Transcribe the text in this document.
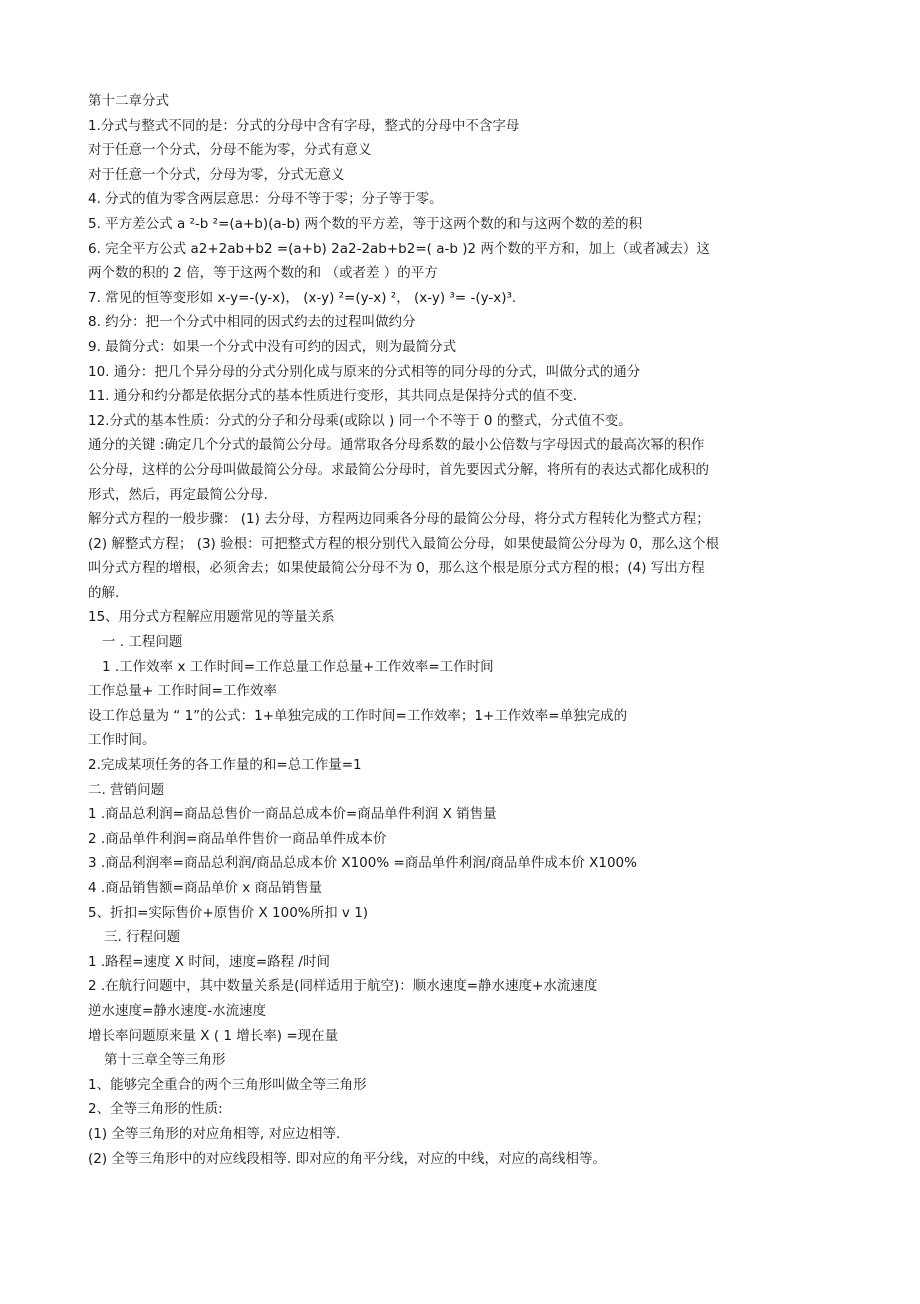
第十二章分式
1.分式与整式不同的是：分式的分母中含有字母，整式的分母中不含字母
对于任意一个分式，分母不能为零，分式有意义
对于任意一个分式，分母为零，分式无意义
4. 分式的值为零含两层意思：分母不等于零；分子等于零。
5. 平方差公式 a ²-b ²=(a+b)(a-b) 两个数的平方差，等于这两个数的和与这两个数的差的积
6. 完全平方公式 a2+2ab+b2 =(a+b) 2a2-2ab+b2=( a-b )2 两个数的平方和，加上（或者减去）这
两个数的积的 2 倍，等于这两个数的和 （或者差 ）的平方
7. 常见的恒等变形如 x-y=-(y-x)， (x-y) ²=(y-x) ²， (x-y) ³= -(y-x)³.
8. 约分：把一个分式中相同的因式约去的过程叫做约分
9. 最简分式：如果一个分式中没有可约的因式，则为最简分式
10. 通分：把几个异分母的分式分别化成与原来的分式相等的同分母的分式，叫做分式的通分
11. 通分和约分都是依据分式的基本性质进行变形，其共同点是保持分式的值不变.
12.分式的基本性质：分式的分子和分母乘(或除以 ) 同一个不等于 0 的整式，分式值不变。
通分的关键 :确定几个分式的最简公分母。通常取各分母系数的最小公倍数与字母因式的最高次幂的积作
公分母，这样的公分母叫做最简公分母。求最简公分母时，首先要因式分解，将所有的表达式都化成积的
形式，然后，再定最简公分母.
解分式方程的一般步骤： (1) 去分母，方程两边同乘各分母的最简公分母，将分式方程转化为整式方程；
(2) 解整式方程； (3) 验根：可把整式方程的根分别代入最简公分母，如果使最简公分母为 0，那么这个根
叫分式方程的增根，必须舍去；如果使最简公分母不为 0，那么这个根是原分式方程的根；(4) 写出方程
的解.
15、用分式方程解应用题常见的等量关系
一 . 工程问题
1 .工作效率 x 工作时间=工作总量工作总量+工作效率=工作时间
工作总量+ 工作时间=工作效率
设工作总量为 “ 1”的公式：1+单独完成的工作时间=工作效率；1+工作效率=单独完成的
工作时间。
2.完成某项任务的各工作量的和=总工作量=1
二. 营销问题
1 .商品总利润=商品总售价一商品总成本价=商品单件利润 X 销售量
2 .商品单件利润=商品单件售价一商品单件成本价
3 .商品利润率=商品总利润/商品总成本价 X100% =商品单件利润/商品单件成本价 X100%
4 .商品销售额=商品单价 x 商品销售量
5、折扣=实际售价+原售价 X 100%所扣 v 1)
三. 行程问题
1 .路程=速度 X 时间，速度=路程 /时间
2 .在航行问题中，其中数量关系是(同样适用于航空)：顺水速度=静水速度+水流速度
逆水速度=静水速度-水流速度
增长率问题原来量 X ( 1 增长率) =现在量
第十三章全等三角形
1、能够完全重合的两个三角形叫做全等三角形
2、全等三角形的性质:
(1) 全等三角形的对应角相等, 对应边相等.
(2) 全等三角形中的对应线段相等. 即对应的角平分线，对应的中线，对应的高线相等。
